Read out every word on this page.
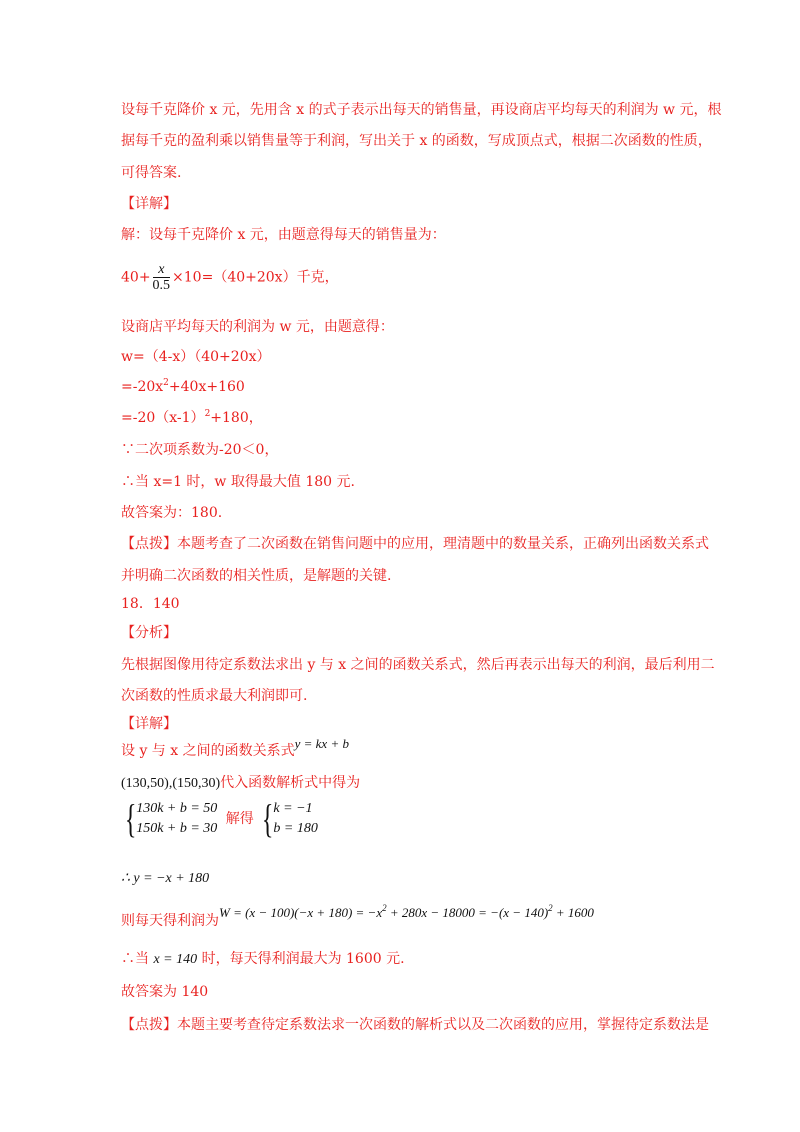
设每千克降价 x 元，先用含 x 的式子表示出每天的销售量，再设商店平均每天的利润为 w 元，根
据每千克的盈利乘以销售量等于利润，写出关于 x 的函数，写成顶点式，根据二次函数的性质，
可得答案.
【详解】
解：设每千克降价 x 元，由题意得每天的销售量为：
$40+ \frac{x}{0.5} \times 10=(40+20x)$千克，
设商店平均每天的利润为 w 元，由题意得：
w=（4-x）（40+20x）
$=-20x^2+40x+160$
$=-20(x-1)^2+180$，
∵二次项系数为-20＜0，
∴当 x=1 时，w 取得最大值 180 元.
故答案为：180.
【点拨】本题考查了二次函数在销售问题中的应用，理清题中的数量关系，正确列出函数关系式
并明确二次函数的相关性质，是解题的关键.
18．140
【分析】
先根据图像用待定系数法求出 y 与 x 之间的函数关系式，然后再表示出每天的利润，最后利用二
次函数的性质求最大利润即可.
【详解】
设 y 与 x 之间的函数关系式y = kx + b
(130,50),(150,30)代入函数解析式中得为
{ 130k + b = 50
150k + b = 30
解得 { k = −1
b = 180
∴ y = −x + 180
则每天得利润为$W = (x - 100)(-x + 180) = -x^2 + 280x - 18000 = -(x - 140)^2 + 1600$
∴当 x = 140 时，每天得利润最大为 1600 元.
故答案为 140
【点拨】本题主要考查待定系数法求一次函数的解析式以及二次函数的应用，掌握待定系数法是
